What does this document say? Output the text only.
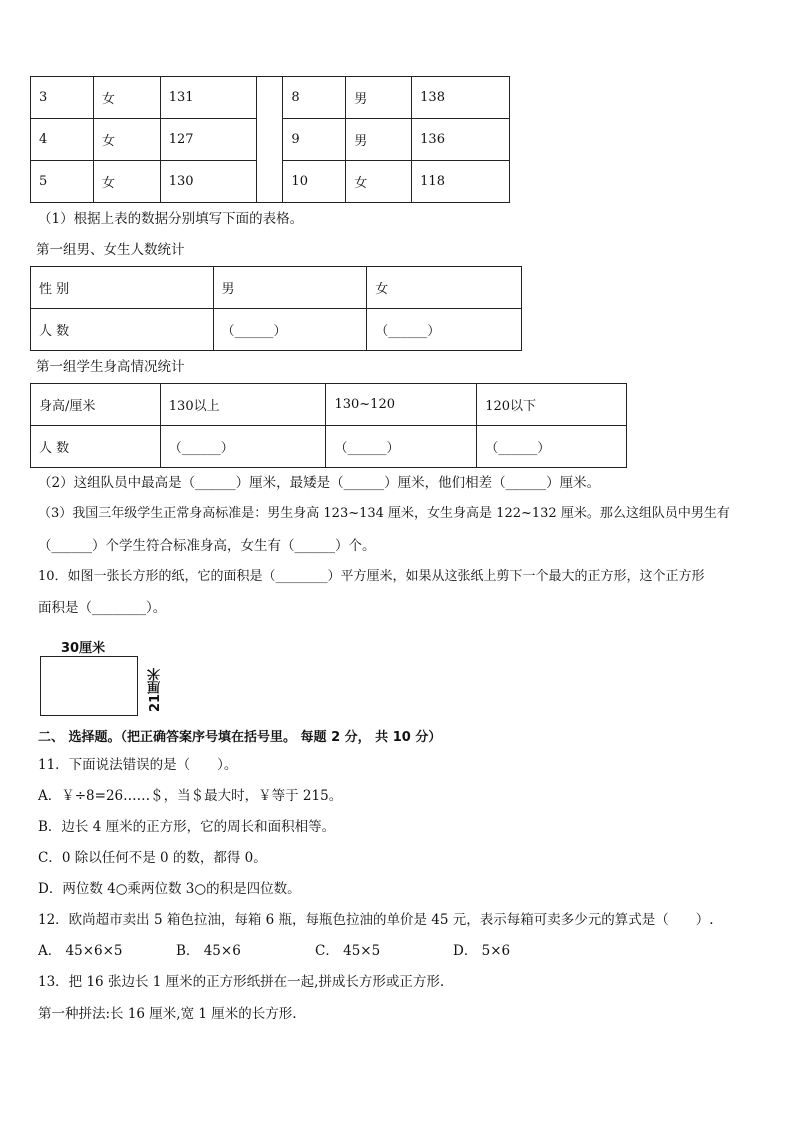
3	女	131		8	男	138
4	女	127		9	男	136
5	女	130		10	女	118
（1）根据上表的数据分别填写下面的表格。
第一组男、女生人数统计
性 别	男	女
人 数	（______）	（______）
第一组学生身高情况统计
身高/厘米	130以上	130~120	120以下
人 数	（______）	（______）	（______）
（2）这组队员中最高是（______）厘米，最矮是（______）厘米，他们相差（______）厘米。
（3）我国三年级学生正常身高标准是：男生身高 123~134 厘米，女生身高是 122~132 厘米。那么这组队员中男生有
（______）个学生符合标准身高，女生有（______）个。
10．如图一张长方形的纸，它的面积是（________）平方厘米，如果从这张纸上剪下一个最大的正方形，这个正方形
面积是（________）。
30厘米
21厘米
二、 选择题。（把正确答案序号填在括号里。 每题 2 分， 共 10 分）
11．下面说法错误的是（　　）。
A．￥÷8=26……＄，当＄最大时，￥等于 215。
B．边长 4 厘米的正方形，它的周长和面积相等。
C．0 除以任何不是 0 的数，都得 0。
D．两位数 4○乘两位数 3○的积是四位数。
12．欧尚超市卖出 5 箱色拉油，每箱 6 瓶，每瓶色拉油的单价是 45 元，表示每箱可卖多少元的算式是（　　）.
A． 45×6×5	B． 45×6	C． 45×5	D． 5×6
13．把 16 张边长 1 厘米的正方形纸拼在一起,拼成长方形或正方形.
第一种拼法:长 16 厘米,宽 1 厘米的长方形.
